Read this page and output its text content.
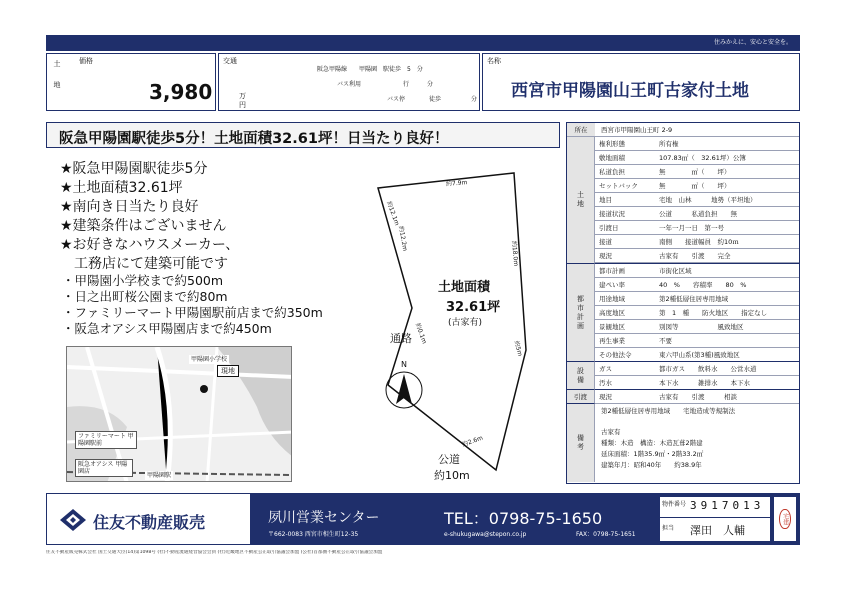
住みかえに、安心と安全を。
土地	価格
3,980	万円
交通
阪急甲陽線　　甲陽園　駅徒歩　5　分
バス利用　　　　　　　行　　　分
バス停　　　　徒歩　　　　　分
名称
西宮市甲陽園山王町古家付土地
阪急甲陽園駅徒歩5分！土地面積32.61坪！日当たり良好！
★阪急甲陽園駅徒歩5分
★土地面積32.61坪
★南向き日当たり良好
★建築条件はございません
★お好きなハウスメーカー、
　工務店にて建築可能です
・甲陽園小学校まで約500m
・日之出町桜公園まで約80m
・ファミリーマート甲陽園駅前店まで約350m
・阪急オアシス甲陽園店まで約450m
現地
ファミリーマート 甲陽園駅前
阪急オアシス 甲陽園店
甲陽園駅
甲陽園小学校
土地面積
32.61坪
(古家有)
通路
公道
約10m
約7.9m
約12.1m
約12.2m
約18.0m
約2.6m
約0.1m
約5m
N
所在	西宮市甲陽園山王町 2-9
土地
権利形態	所有権
敷地面積	107.83㎡（　32.61坪）公簿
私道負担	無　　　　㎡（　　坪）
セットバック	無　　　　㎡（　　坪）
地目	宅地　山林　　　地勢（平坦地）
接道状況	公道　　　私道負担　　無
引渡日	一年一月一日　第一号
接道	南側　　接道幅員　約10ｍ
現況	古家有　　引渡　　完全
都市計画
都市計画	市街化区域
建ぺい率	40　%　　容積率　　80　%
用途地域	第2種低層住居専用地域
高度地区	第　1　種　　防火地区　　指定なし
景観地区	別図等　　　　　　風致地区
再生事業	不要
その他法令	東六甲山系(第3種)風致地区
設備	ガス	都市ガス　　飲料水　　公営水道
汚水	本下水　　　雑排水　　本下水
引渡	現況	古家有　　引渡　　　相談
備考
第2種低層住居専用地域　　宅地造成等規制法
古家有
種類：木造　構造：木造瓦葺2階建
延床面積：1階35.9㎡・2階33.2㎡
建築年月：昭和40年　　約38.9年
住友不動産販売	夙川営業センター
〒662-0083 西宮市相生町12-35
TEL：0798-75-1650
e-shukugawa@stepon.co.jp	FAX：0798-75-1651
物件番号 3917013
担当 澤田　人輔
宅建
住友不動産販売株式会社 国土交通大臣(14)第1098号 (社)不動産流通経営協会会員 (社)近畿地区不動産公正取引協議会加盟 (公社)首都圏不動産公正取引協議会加盟
